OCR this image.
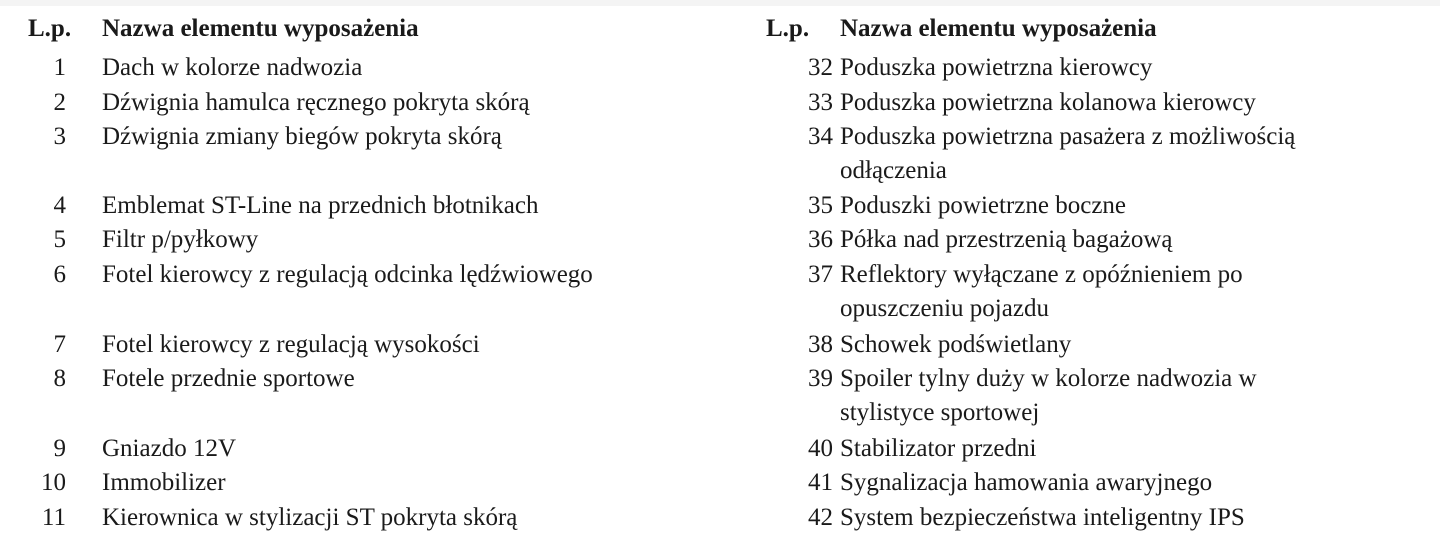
L.p. Nazwa elementu wyposażenia
1 Dach w kolorze nadwozia
2 Dźwignia hamulca ręcznego pokryta skórą
3 Dźwignia zmiany biegów pokryta skórą
4 Emblemat ST-Line na przednich błotnikach
5 Filtr p/pyłkowy
6 Fotel kierowcy z regulacją odcinka lędźwiowego
7 Fotel kierowcy z regulacją wysokości
8 Fotele przednie sportowe
9 Gniazdo 12V
10 Immobilizer
11 Kierownica w stylizacji ST pokryta skórą
L.p. Nazwa elementu wyposażenia
32 Poduszka powietrzna kierowcy
33 Poduszka powietrzna kolanowa kierowcy
34 Poduszka powietrzna pasażera z możliwością
odłączenia
35 Poduszki powietrzne boczne
36 Półka nad przestrzenią bagażową
37 Reflektory wyłączane z opóźnieniem po
opuszczeniu pojazdu
38 Schowek podświetlany
39 Spoiler tylny duży w kolorze nadwozia w
stylistyce sportowej
40 Stabilizator przedni
41 Sygnalizacja hamowania awaryjnego
42 System bezpieczeństwa inteligentny IPS
